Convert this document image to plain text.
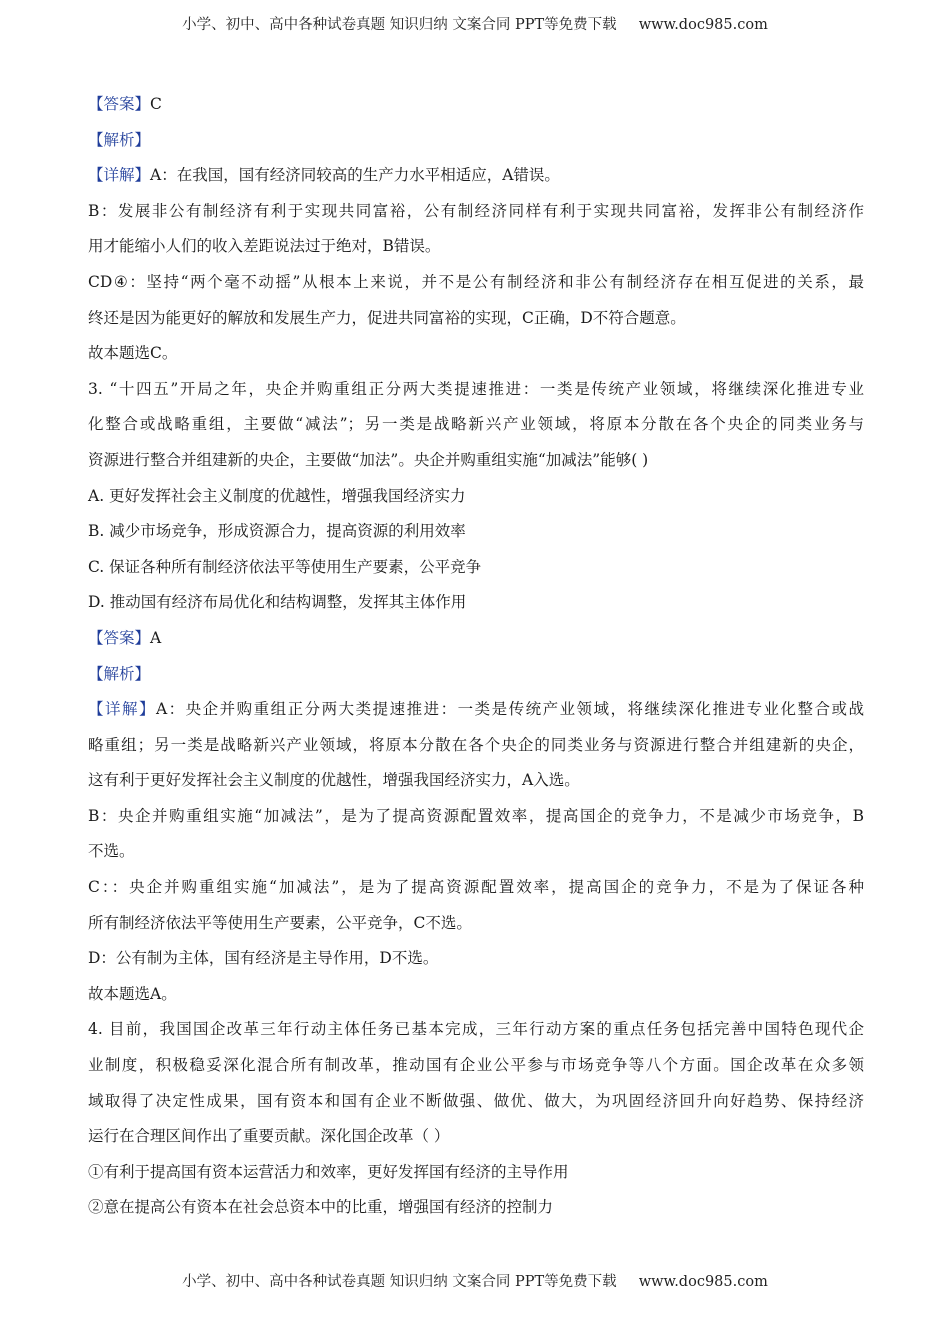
小学、初中、高中各种试卷真题 知识归纳 文案合同 PPT等免费下载 www.doc985.com

【答案】C

【解析】

【详解】A：在我国，国有经济同较高的生产力水平相适应，A错误。

B：发展非公有制经济有利于实现共同富裕，公有制经济同样有利于实现共同富裕，发挥非公有制经济作

用才能缩小人们的收入差距说法过于绝对，B错误。

CD④：坚持“两个毫不动摇”从根本上来说，并不是公有制经济和非公有制经济存在相互促进的关系，最

终还是因为能更好的解放和发展生产力，促进共同富裕的实现，C正确，D不符合题意。

故本题选C。

3. “十四五”开局之年，央企并购重组正分两大类提速推进：一类是传统产业领域，将继续深化推进专业

化整合或战略重组，主要做“减法”；另一类是战略新兴产业领域，将原本分散在各个央企的同类业务与

资源进行整合并组建新的央企，主要做“加法”。央企并购重组实施“加减法”能够( )

A. 更好发挥社会主义制度的优越性，增强我国经济实力

B. 减少市场竞争，形成资源合力，提高资源的利用效率

C. 保证各种所有制经济依法平等使用生产要素，公平竞争

D. 推动国有经济布局优化和结构调整，发挥其主体作用

【答案】A

【解析】

【详解】A：央企并购重组正分两大类提速推进：一类是传统产业领域，将继续深化推进专业化整合或战

略重组；另一类是战略新兴产业领域，将原本分散在各个央企的同类业务与资源进行整合并组建新的央企，

这有利于更好发挥社会主义制度的优越性，增强我国经济实力，A入选。

B：央企并购重组实施“加减法”，是为了提高资源配置效率，提高国企的竞争力，不是减少市场竞争，B

不选。

C：：央企并购重组实施“加减法”，是为了提高资源配置效率，提高国企的竞争力，不是为了保证各种

所有制经济依法平等使用生产要素，公平竞争，C不选。

D：公有制为主体，国有经济是主导作用，D不选。

故本题选A。

4. 目前，我国国企改革三年行动主体任务已基本完成，三年行动方案的重点任务包括完善中国特色现代企

业制度，积极稳妥深化混合所有制改革，推动国有企业公平参与市场竞争等八个方面。国企改革在众多领

域取得了决定性成果，国有资本和国有企业不断做强、做优、做大，为巩固经济回升向好趋势、保持经济

运行在合理区间作出了重要贡献。深化国企改革（ ）

①有利于提高国有资本运营活力和效率，更好发挥国有经济的主导作用

②意在提高公有资本在社会总资本中的比重，增强国有经济的控制力

小学、初中、高中各种试卷真题 知识归纳 文案合同 PPT等免费下载 www.doc985.com
